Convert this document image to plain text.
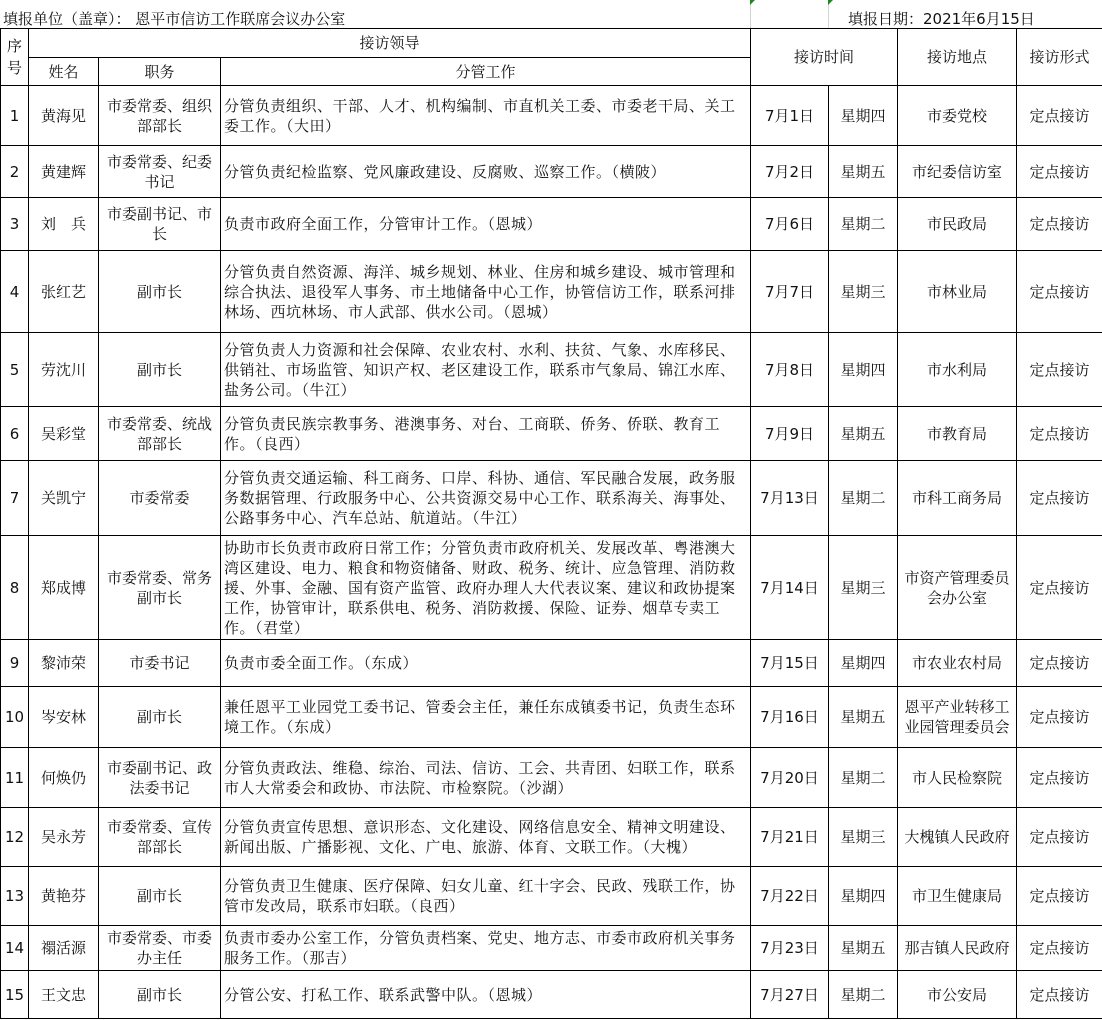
填报单位（盖章）： 恩平市信访工作联席会议办公室	填报日期：2021年6月15日
序号	接访领导			接访时间		接访地点	接访形式
	姓名	职务	分管工作				
1	黄海见	市委常委、组织部部长	分管负责组织、干部、人才、机构编制、市直机关工委、市委老干局、关工委工作。（大田）	7月1日	星期四	市委党校	定点接访
2	黄建辉	市委常委、纪委书记	分管负责纪检监察、党风廉政建设、反腐败、巡察工作。（横陂）	7月2日	星期五	市纪委信访室	定点接访
3	刘　兵	市委副书记、市长	负责市政府全面工作，分管审计工作。（恩城）	7月6日	星期二	市民政局	定点接访
4	张红艺	副市长	分管负责自然资源、海洋、城乡规划、林业、住房和城乡建设、城市管理和综合执法、退役军人事务、市土地储备中心工作，协管信访工作，联系河排林场、西坑林场、市人武部、供水公司。（恩城）	7月7日	星期三	市林业局	定点接访
5	劳沈川	副市长	分管负责人力资源和社会保障、农业农村、水利、扶贫、气象、水库移民、供销社、市场监管、知识产权、老区建设工作，联系市气象局、锦江水库、盐务公司。（牛江）	7月8日	星期四	市水利局	定点接访
6	吴彩堂	市委常委、统战部部长	分管负责民族宗教事务、港澳事务、对台、工商联、侨务、侨联、教育工作。（良西）	7月9日	星期五	市教育局	定点接访
7	关凯宁	市委常委	分管负责交通运输、科工商务、口岸、科协、通信、军民融合发展，政务服务数据管理、行政服务中心、公共资源交易中心工作、联系海关、海事处、公路事务中心、汽车总站、航道站。（牛江）	7月13日	星期二	市科工商务局	定点接访
8	郑成博	市委常委、常务副市长	协助市长负责市政府日常工作；分管负责市政府机关、发展改革、粤港澳大湾区建设、电力、粮食和物资储备、财政、税务、统计、应急管理、消防救援、外事、金融、国有资产监管、政府办理人大代表议案、建议和政协提案工作，协管审计，联系供电、税务、消防救援、保险、证券、烟草专卖工作。（君堂）	7月14日	星期三	市资产管理委员会办公室	定点接访
9	黎沛荣	市委书记	负责市委全面工作。（东成）	7月15日	星期四	市农业农村局	定点接访
10	岑安林	副市长	兼任恩平工业园党工委书记、管委会主任，兼任东成镇委书记，负责生态环境工作。（东成）	7月16日	星期五	恩平产业转移工业园管理委员会	定点接访
11	何焕仍	市委副书记、政法委书记	分管负责政法、维稳、综治、司法、信访、工会、共青团、妇联工作，联系市人大常委会和政协、市法院、市检察院。（沙湖）	7月20日	星期二	市人民检察院	定点接访
12	吴永芳	市委常委、宣传部部长	分管负责宣传思想、意识形态、文化建设、网络信息安全、精神文明建设、新闻出版、广播影视、文化、广电、旅游、体育、文联工作。（大槐）	7月21日	星期三	大槐镇人民政府	定点接访
13	黄艳芬	副市长	分管负责卫生健康、医疗保障、妇女儿童、红十字会、民政、残联工作，协管市发改局，联系市妇联。（良西）	7月22日	星期四	市卫生健康局	定点接访
14	禤活源	市委常委、市委办主任	负责市委办公室工作，分管负责档案、党史、地方志、市委市政府机关事务服务工作。（那吉）	7月23日	星期五	那吉镇人民政府	定点接访
15	王文忠	副市长	分管公安、打私工作、联系武警中队。（恩城）	7月27日	星期二	市公安局	定点接访
